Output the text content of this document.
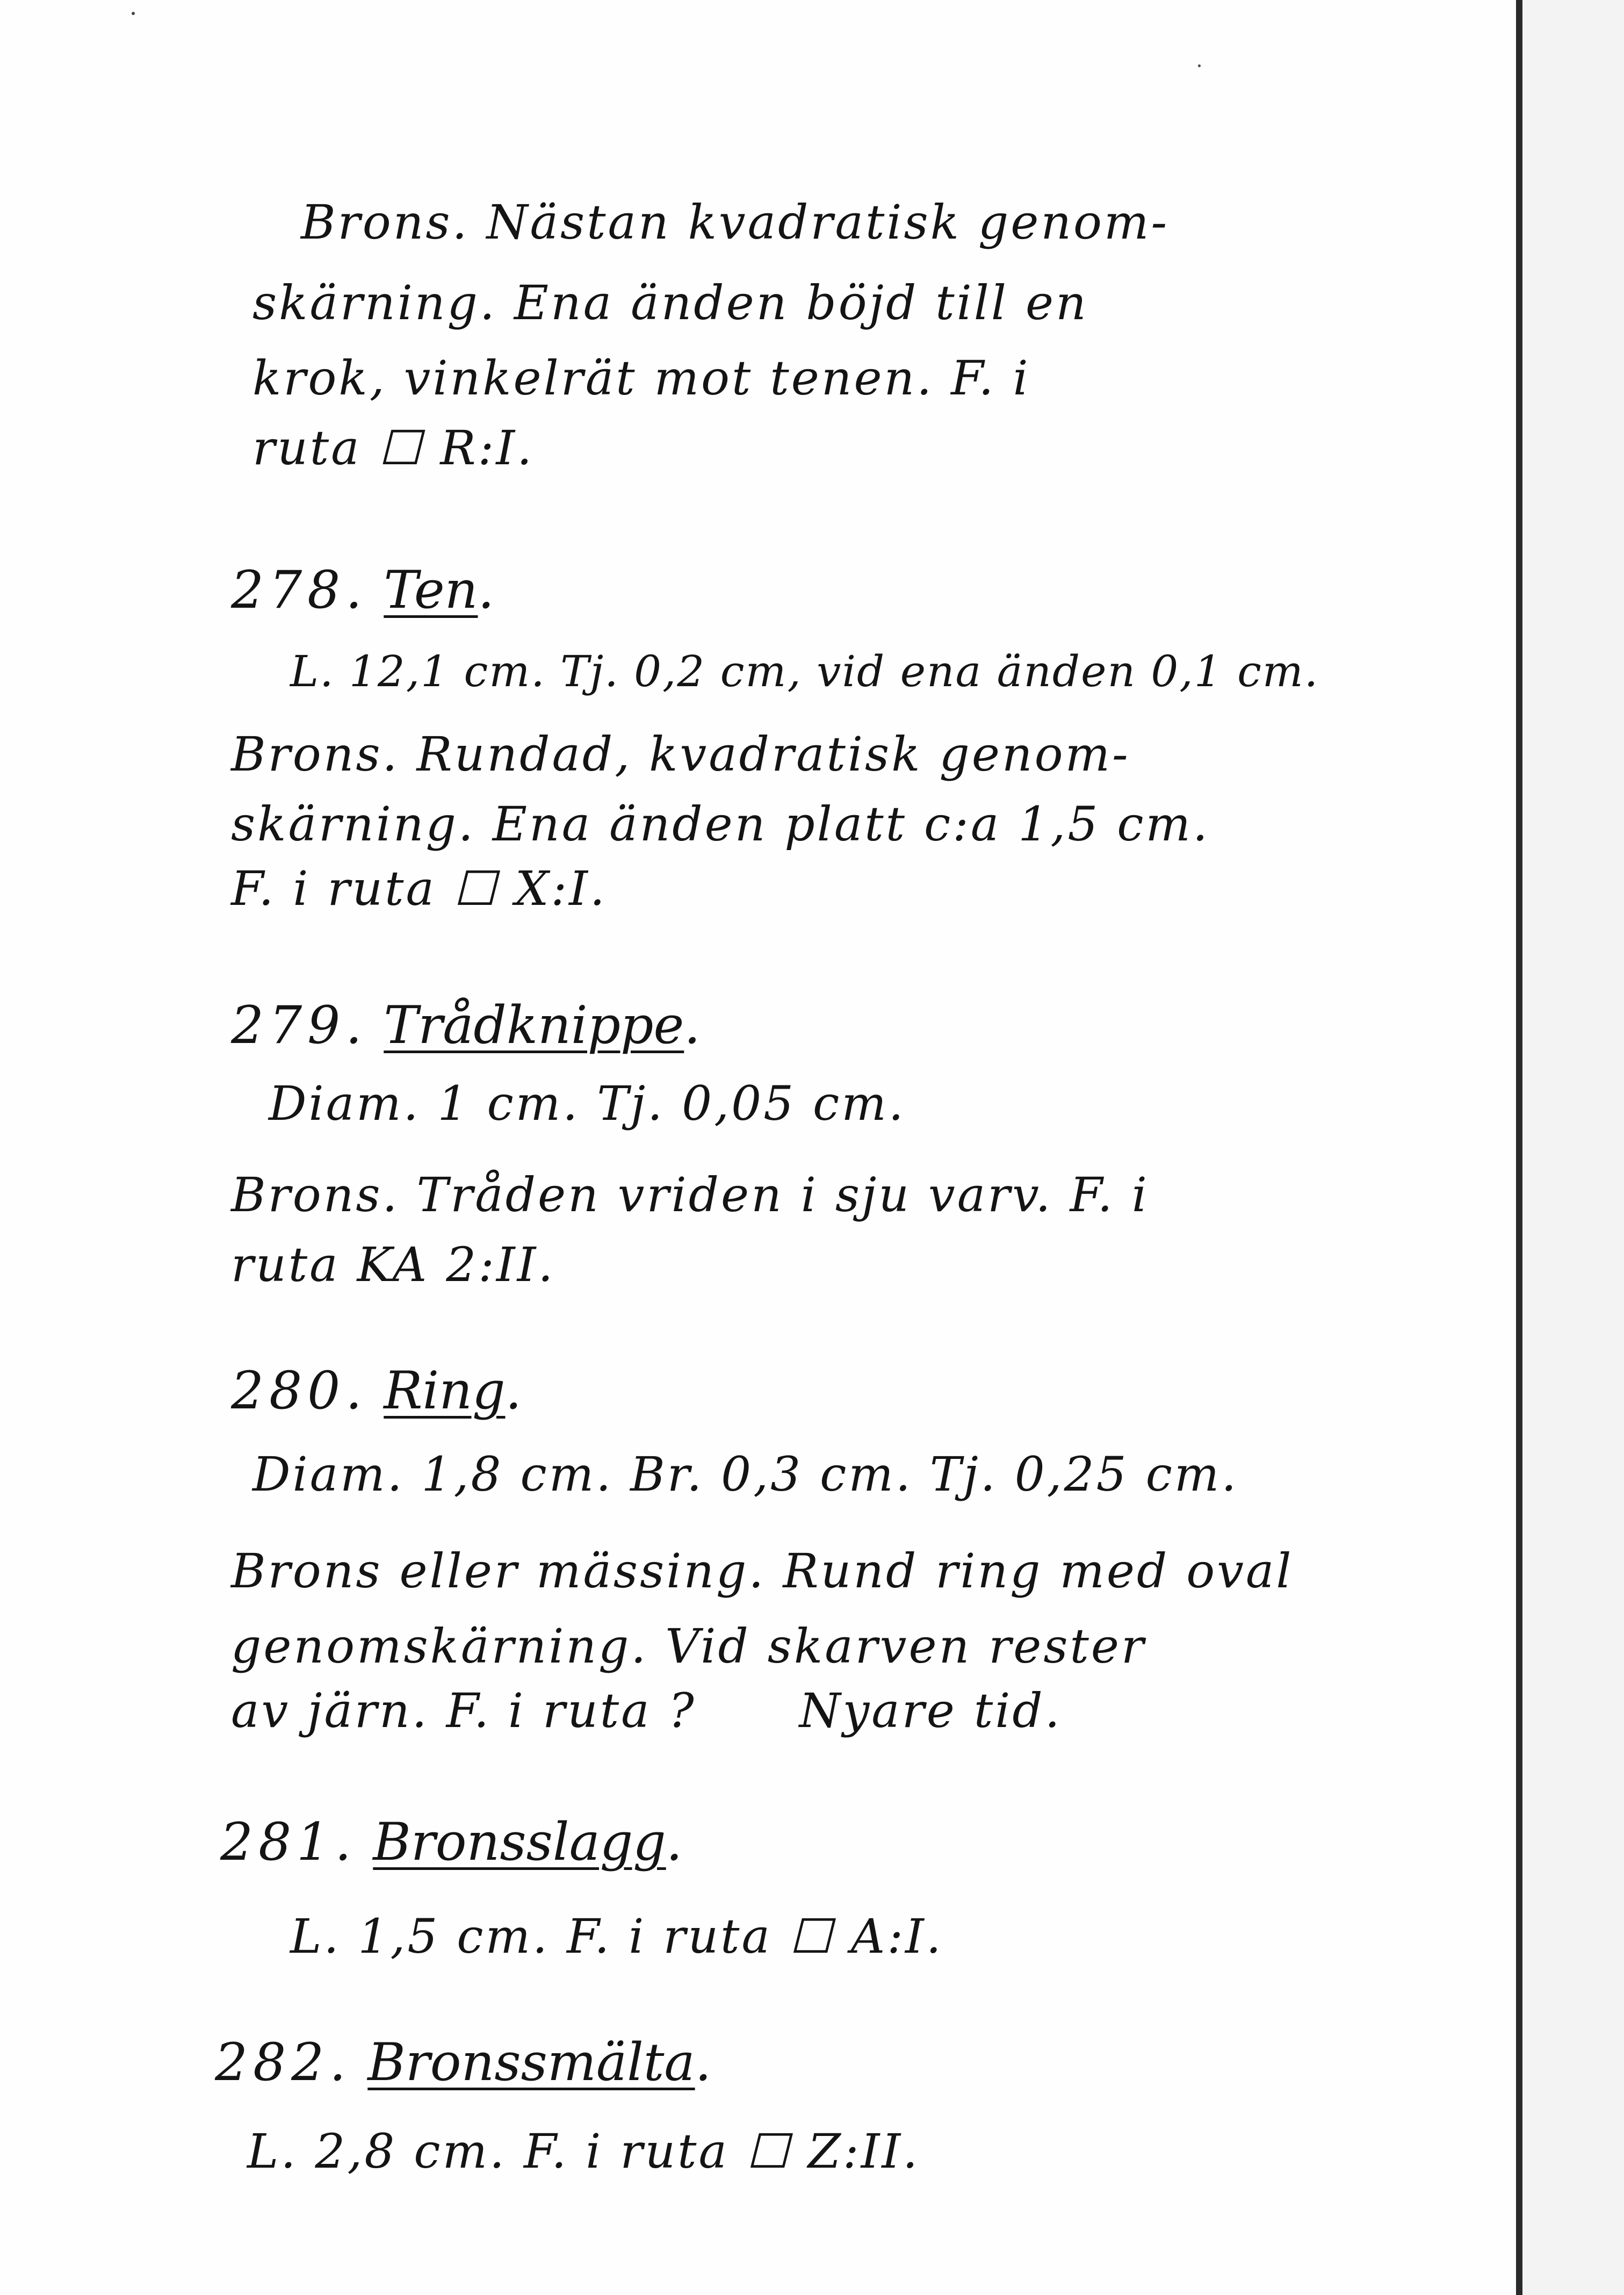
Brons. Nästan kvadratisk genom-
skärning. Ena änden böjd till en
krok, vinkelrät mot tenen. F. i
ruta ☐ R:I.
278. Ten.
L. 12,1 cm. Tj. 0,2 cm, vid ena änden 0,1 cm.
Brons. Rundad, kvadratisk genom-
skärning. Ena änden platt c:a 1,5 cm.
F. i ruta ☐ X:I.
279. Trådknippe.
Diam. 1 cm. Tj. 0,05 cm.
Brons. Tråden vriden i sju varv. F. i
ruta KA 2:II.
280. Ring.
Diam. 1,8 cm. Br. 0,3 cm. Tj. 0,25 cm.
Brons eller mässing. Rund ring med oval
genomskärning. Vid skarven rester
av järn. F. i ruta ?      Nyare tid.
281. Bronsslagg.
L. 1,5 cm. F. i ruta ☐ A:I.
282. Bronssmälta.
L. 2,8 cm. F. i ruta ☐ Z:II.
